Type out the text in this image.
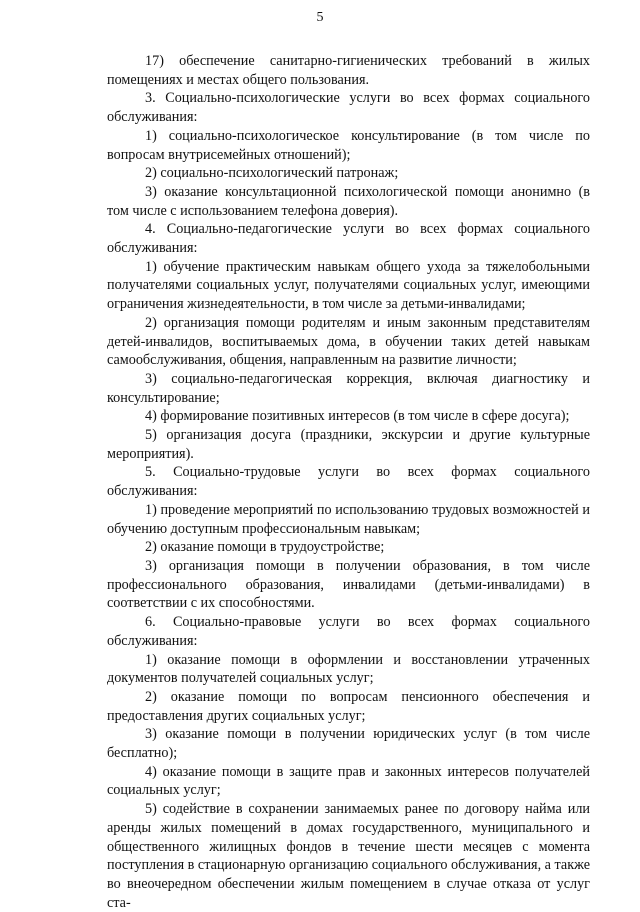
5

17) обеспечение санитарно-гигиенических требований в жилых помещениях и местах общего пользования.

3. Социально-психологические услуги во всех формах социального обслуживания:

1) социально-психологическое консультирование (в том числе по вопросам внутрисемейных отношений);

2) социально-психологический патронаж;

3) оказание консультационной психологической помощи анонимно (в том числе с использованием телефона доверия).

4. Социально-педагогические услуги во всех формах социального обслуживания:

1) обучение практическим навыкам общего ухода за тяжелобольными получателями социальных услуг, получателями социальных услуг, имеющими ограничения жизнедеятельности, в том числе за детьми-инвалидами;

2) организация помощи родителям и иным законным представителям детей-инвалидов, воспитываемых дома, в обучении таких детей навыкам самообслуживания, общения, направленным на развитие личности;

3) социально-педагогическая коррекция, включая диагностику и консультирование;

4) формирование позитивных интересов (в том числе в сфере досуга);

5) организация досуга (праздники, экскурсии и другие культурные мероприятия).

5. Социально-трудовые услуги во всех формах социального обслуживания:

1) проведение мероприятий по использованию трудовых возможностей и обучению доступным профессиональным навыкам;

2) оказание помощи в трудоустройстве;

3) организация помощи в получении образования, в том числе профессионального образования, инвалидами (детьми-инвалидами) в соответствии с их способностями.

6. Социально-правовые услуги во всех формах социального обслуживания:

1) оказание помощи в оформлении и восстановлении утраченных документов получателей социальных услуг;

2) оказание помощи по вопросам пенсионного обеспечения и предоставления других социальных услуг;

3) оказание помощи в получении юридических услуг (в том числе бесплатно);

4) оказание помощи в защите прав и законных интересов получателей социальных услуг;

5) содействие в сохранении занимаемых ранее по договору найма или аренды жилых помещений в домах государственного, муниципального и общественного жилищных фондов в течение шести месяцев с момента поступления в стационарную организацию социального обслуживания, а также во внеочередном обеспечении жилым помещением в случае отказа от услуг ста-
